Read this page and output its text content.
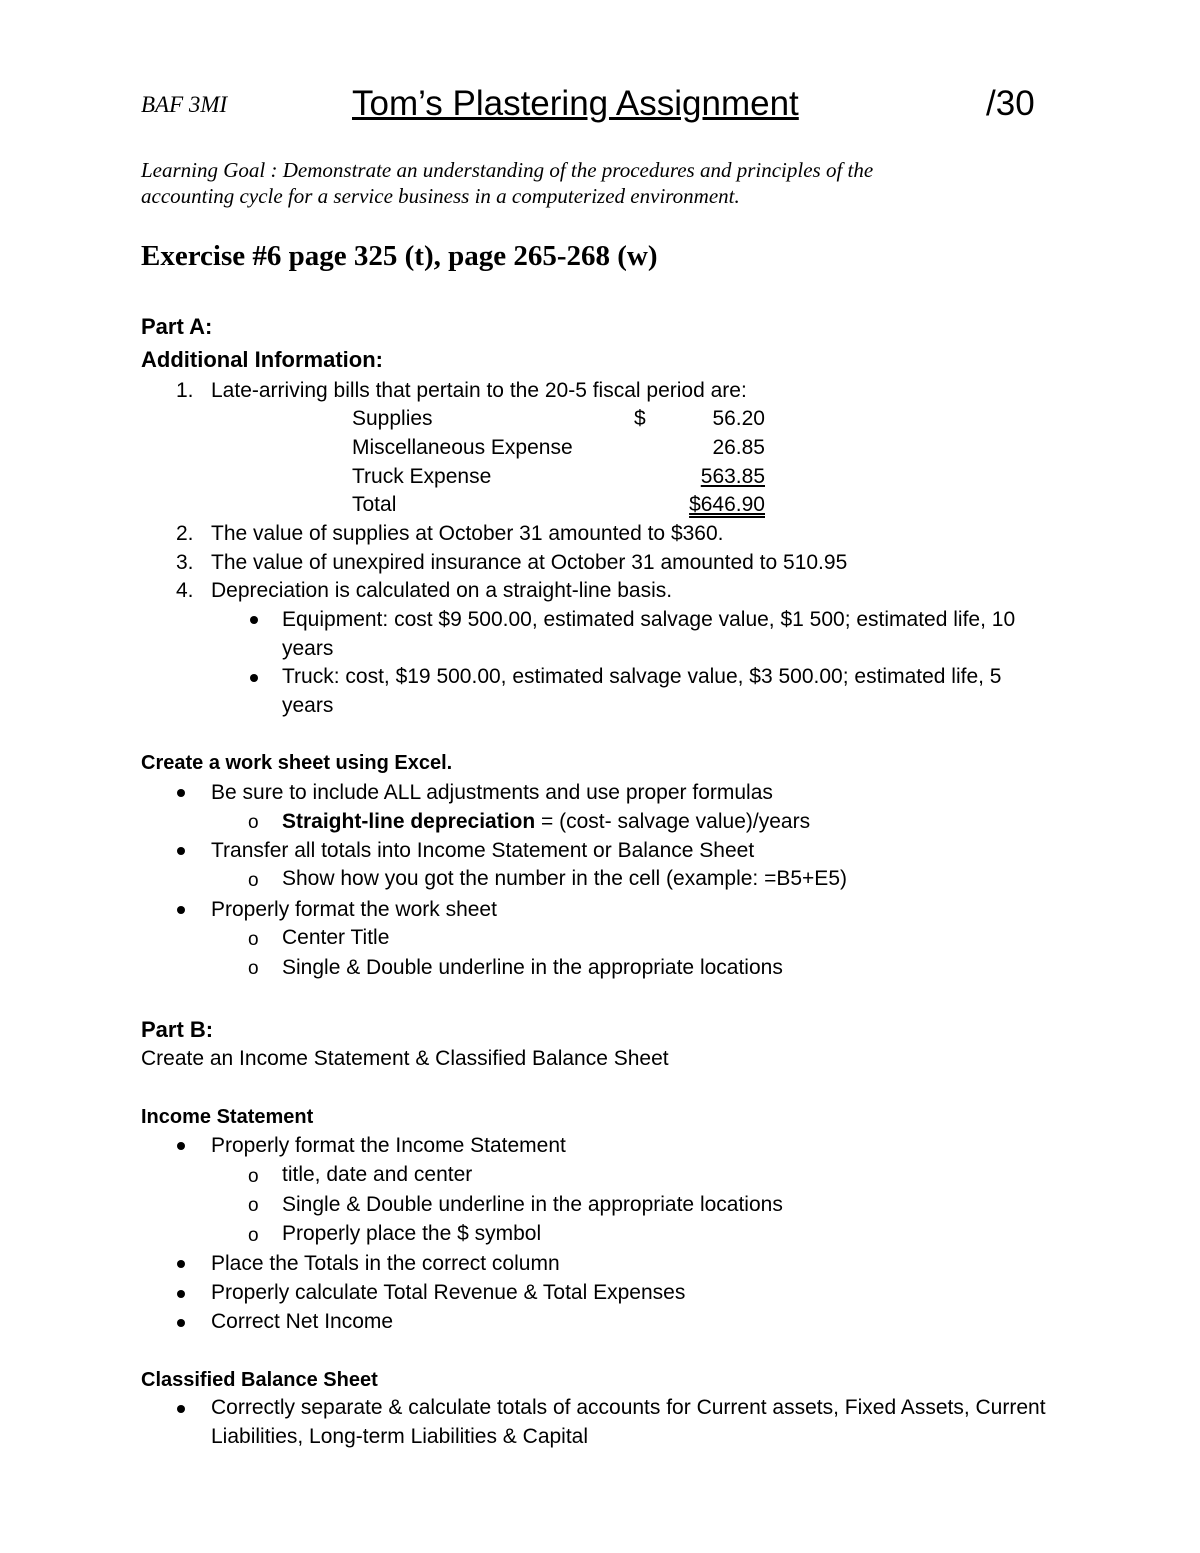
BAF 3MI	Tom’s Plastering Assignment	/30
Learning Goal : Demonstrate an understanding of the procedures and principles of the
accounting cycle for a service business in a computerized environment.
Exercise #6 page 325 (t), page 265-268 (w)
Part A:
Additional Information:
1. Late-arriving bills that pertain to the 20-5 fiscal period are:
Supplies	$	56.20
Miscellaneous Expense	26.85
Truck Expense	563.85
Total	$646.90
2. The value of supplies at October 31 amounted to $360.
3. The value of unexpired insurance at October 31 amounted to 510.95
4. Depreciation is calculated on a straight-line basis.
Equipment: cost $9 500.00, estimated salvage value, $1 500; estimated life, 10
years
Truck: cost, $19 500.00, estimated salvage value, $3 500.00; estimated life, 5
years
Create a work sheet using Excel.
Be sure to include ALL adjustments and use proper formulas
o Straight-line depreciation = (cost- salvage value)/years
Transfer all totals into Income Statement or Balance Sheet
o Show how you got the number in the cell (example: =B5+E5)
Properly format the work sheet
o Center Title
o Single & Double underline in the appropriate locations
Part B:
Create an Income Statement & Classified Balance Sheet
Income Statement
Properly format the Income Statement
o title, date and center
o Single & Double underline in the appropriate locations
o Properly place the $ symbol
Place the Totals in the correct column
Properly calculate Total Revenue & Total Expenses
Correct Net Income
Classified Balance Sheet
Correctly separate & calculate totals of accounts for Current assets, Fixed Assets, Current
Liabilities, Long-term Liabilities & Capital
